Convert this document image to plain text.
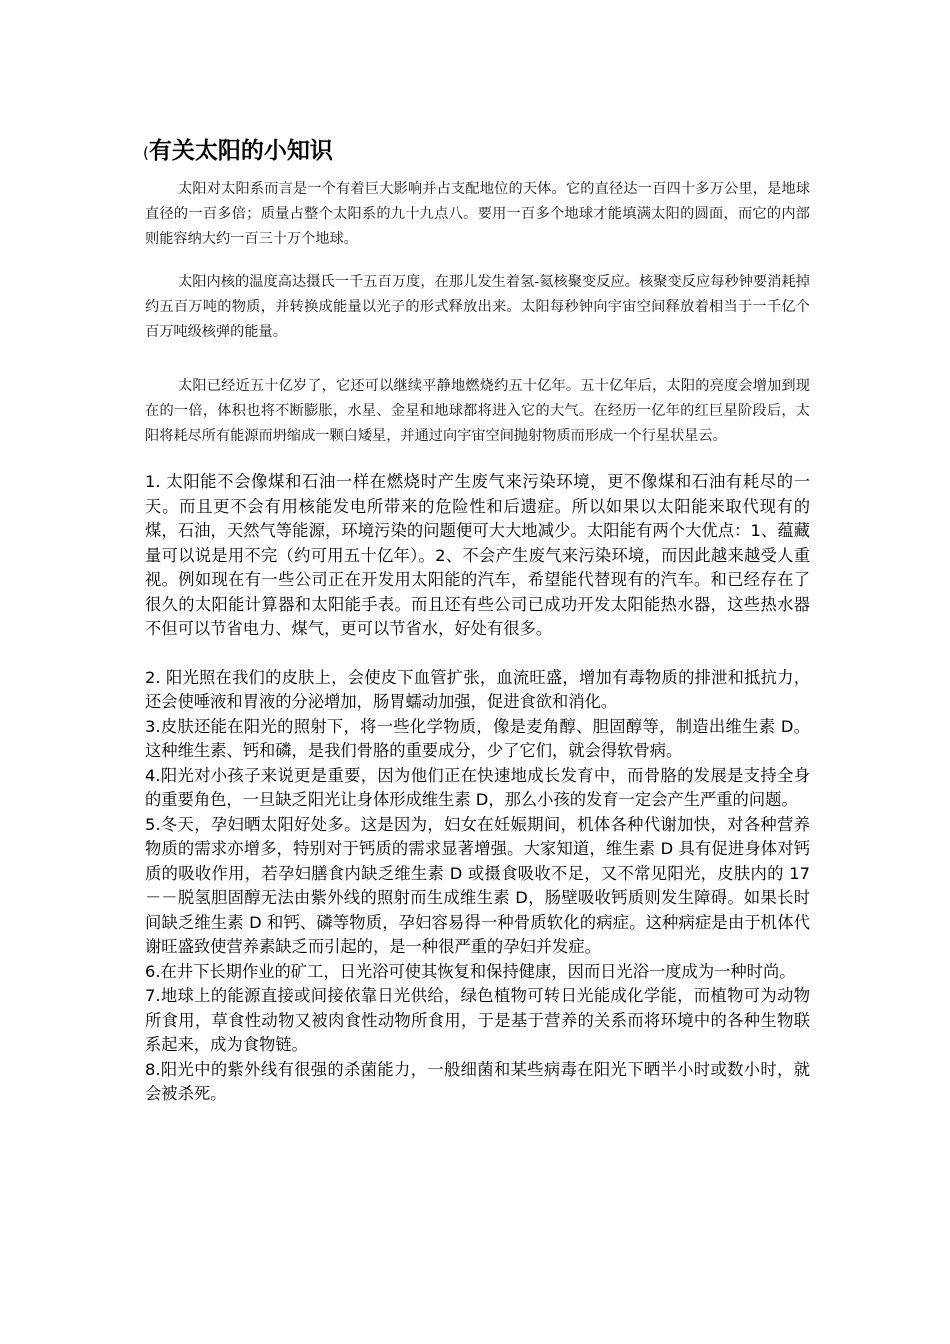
(有关太阳的小知识

太阳对太阳系而言是一个有着巨大影响并占支配地位的天体。它的直径达一百四十多万公里，是地球直径的一百多倍；质量占整个太阳系的九十九点八。要用一百多个地球才能填满太阳的圆面，而它的内部则能容纳大约一百三十万个地球。

太阳内核的温度高达摄氏一千五百万度，在那儿发生着氢-氦核聚变反应。核聚变反应每秒钟要消耗掉约五百万吨的物质，并转换成能量以光子的形式释放出来。太阳每秒钟向宇宙空间释放着相当于一千亿个百万吨级核弹的能量。

太阳已经近五十亿岁了，它还可以继续平静地燃烧约五十亿年。五十亿年后，太阳的亮度会增加到现在的一倍，体积也将不断膨胀，水星、金星和地球都将进入它的大气。在经历一亿年的红巨星阶段后，太阳将耗尽所有能源而坍缩成一颗白矮星，并通过向宇宙空间抛射物质而形成一个行星状星云。

1. 太阳能不会像煤和石油一样在燃烧时产生废气来污染环境，更不像煤和石油有耗尽的一天。而且更不会有用核能发电所带来的危险性和后遗症。所以如果以太阳能来取代现有的煤，石油，天然气等能源，环境污染的问题便可大大地减少。太阳能有两个大优点：1、蕴藏量可以说是用不完（约可用五十亿年）。2、不会产生废气来污染环境，而因此越来越受人重视。例如现在有一些公司正在开发用太阳能的汽车，希望能代替现有的汽车。和已经存在了很久的太阳能计算器和太阳能手表。而且还有些公司已成功开发太阳能热水器，这些热水器不但可以节省电力、煤气，更可以节省水，好处有很多。

2. 阳光照在我们的皮肤上，会使皮下血管扩张，血流旺盛，增加有毒物质的排泄和抵抗力，还会使唾液和胃液的分泌增加，肠胃蠕动加强，促进食欲和消化。

3.皮肤还能在阳光的照射下，将一些化学物质，像是麦角醇、胆固醇等，制造出维生素 D。这种维生素、钙和磷，是我们骨胳的重要成分，少了它们，就会得软骨病。

4.阳光对小孩子来说更是重要，因为他们正在快速地成长发育中，而骨胳的发展是支持全身的重要角色，一旦缺乏阳光让身体形成维生素 D，那么小孩的发育一定会产生严重的问题。

5.冬天，孕妇晒太阳好处多。这是因为，妇女在妊娠期间，机体各种代谢加快，对各种营养物质的需求亦增多，特别对于钙质的需求显著增强。大家知道，维生素 D 具有促进身体对钙质的吸收作用，若孕妇膳食内缺乏维生素 D 或摄食吸收不足，又不常见阳光，皮肤内的 17－－脱氢胆固醇无法由紫外线的照射而生成维生素 D，肠壁吸收钙质则发生障碍。如果长时间缺乏维生素 D 和钙、磷等物质，孕妇容易得一种骨质软化的病症。这种病症是由于机体代谢旺盛致使营养素缺乏而引起的，是一种很严重的孕妇并发症。

6.在井下长期作业的矿工，日光浴可使其恢复和保持健康，因而日光浴一度成为一种时尚。

7.地球上的能源直接或间接依靠日光供给，绿色植物可转日光能成化学能，而植物可为动物所食用，草食性动物又被肉食性动物所食用，于是基于营养的关系而将环境中的各种生物联系起来，成为食物链。

8.阳光中的紫外线有很强的杀菌能力，一般细菌和某些病毒在阳光下晒半小时或数小时，就会被杀死。
